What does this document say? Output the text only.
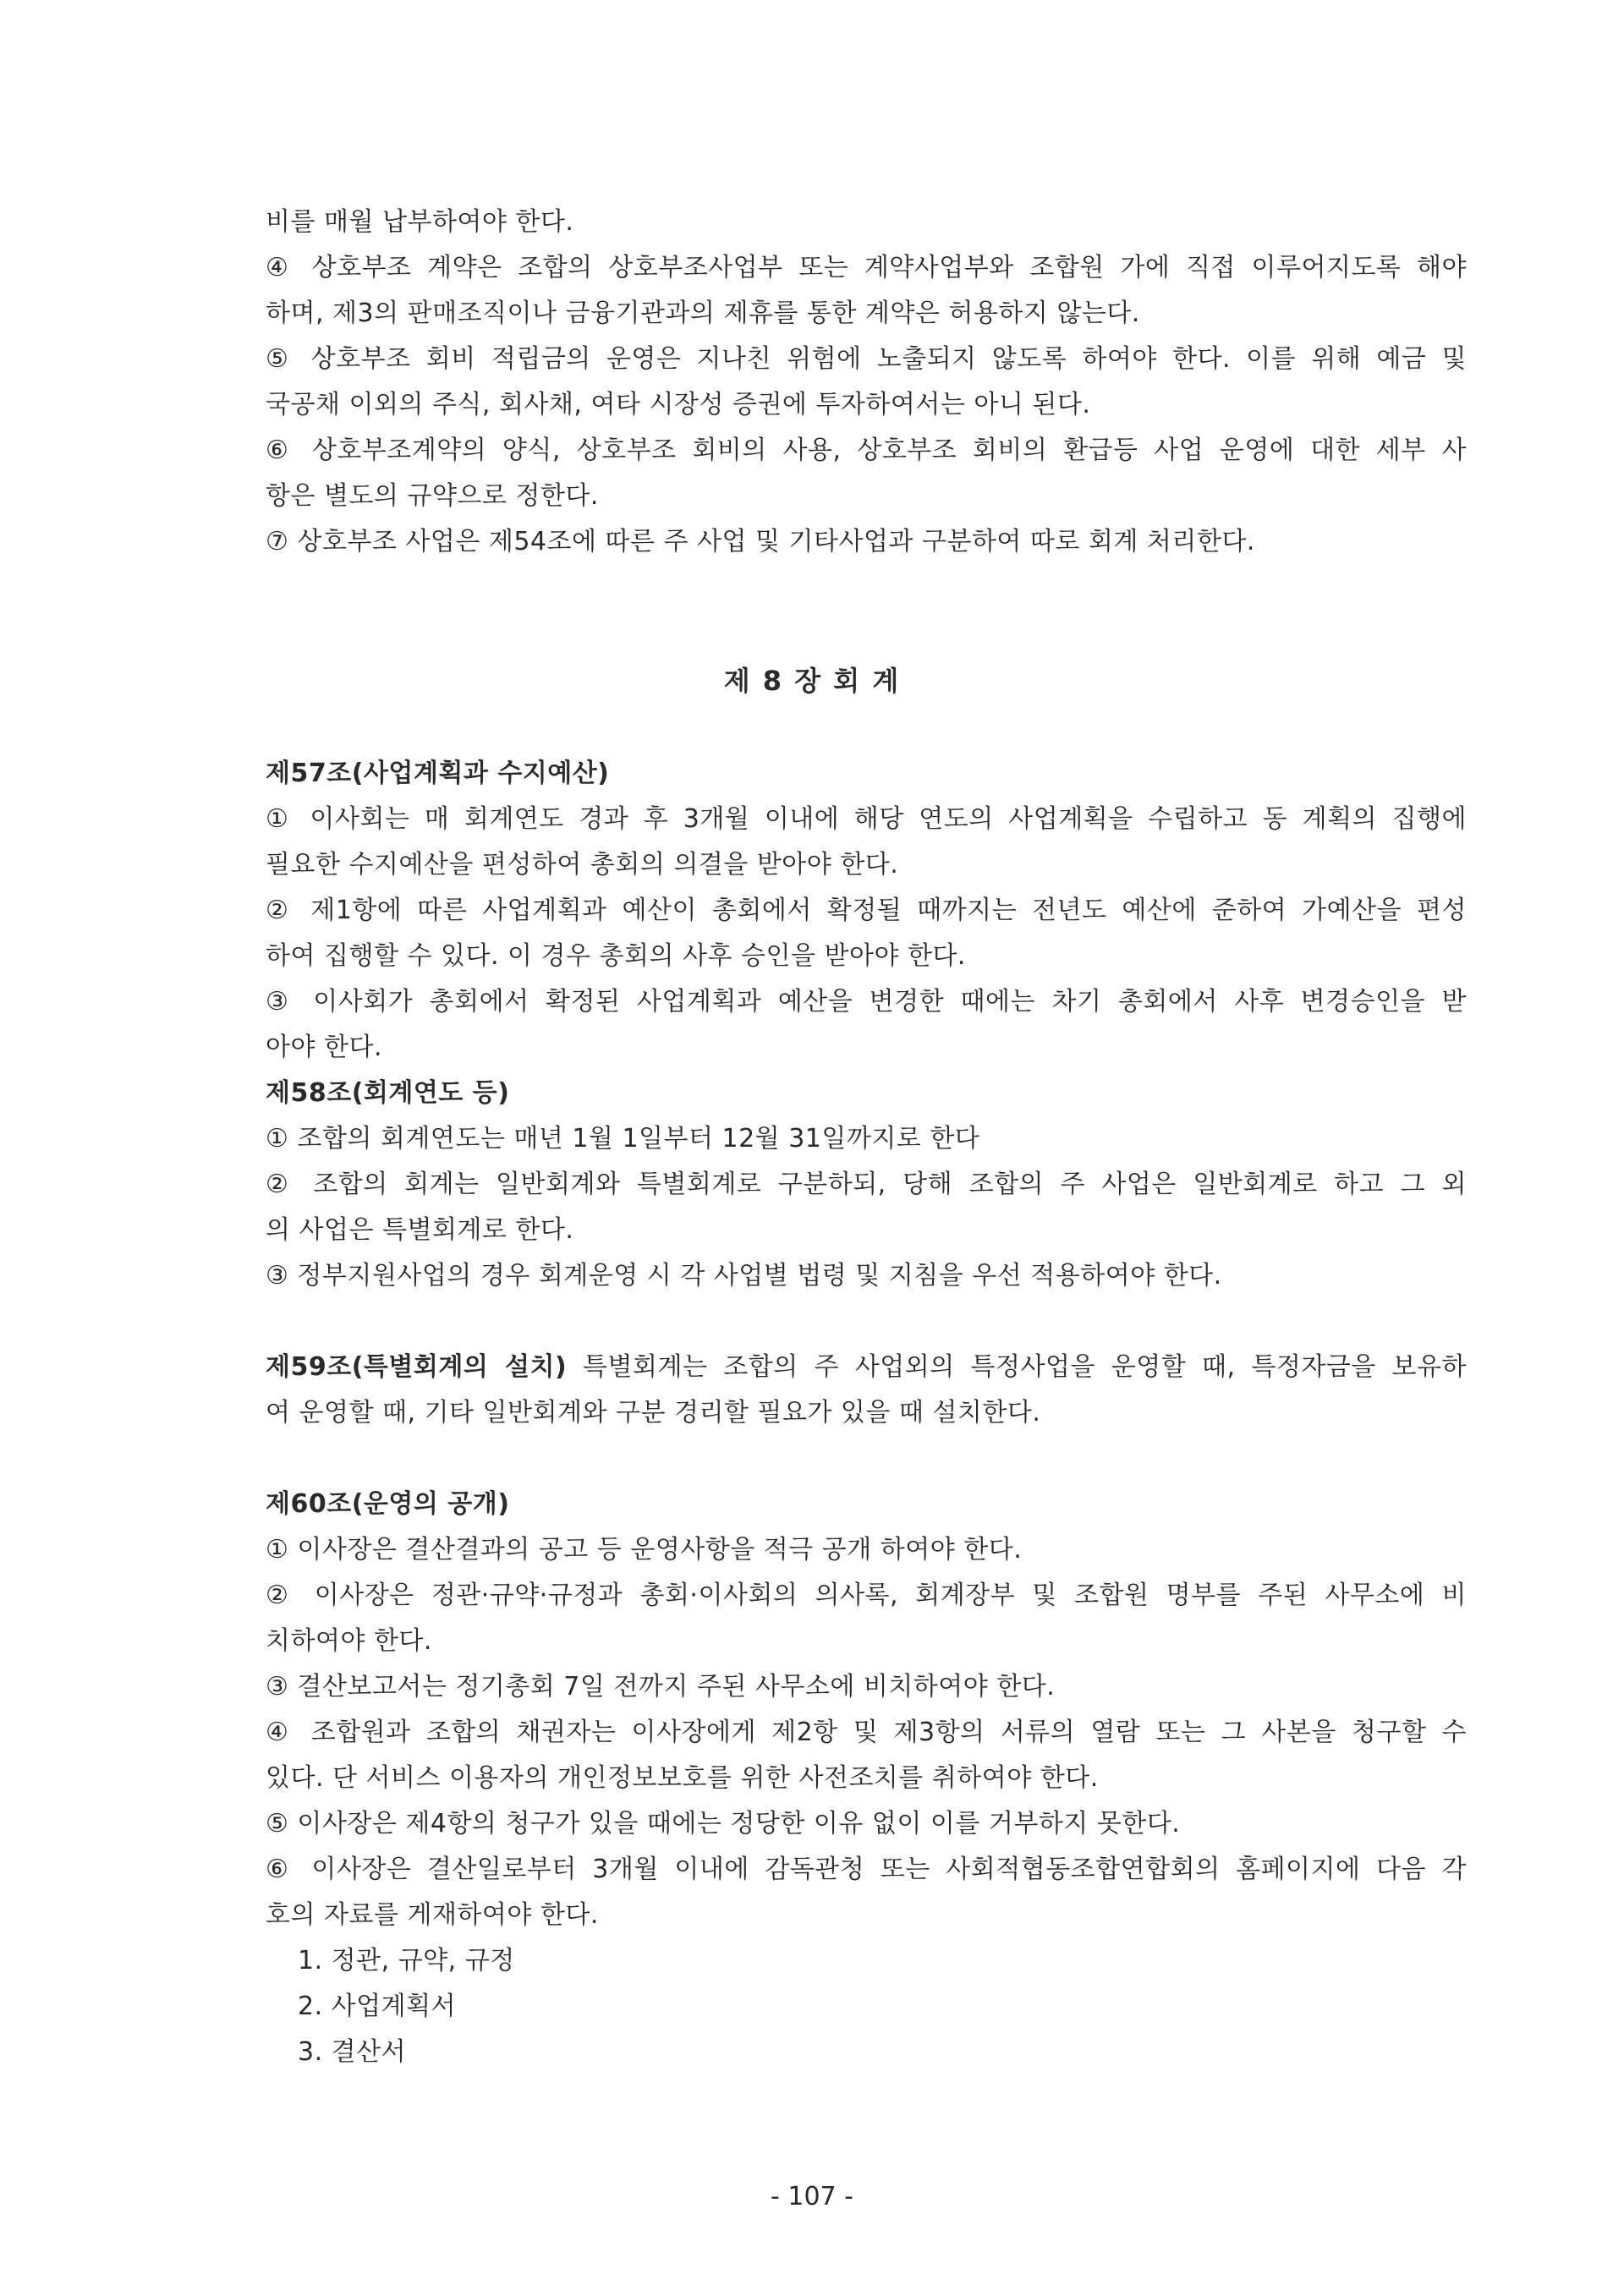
비를 매월 납부하여야 한다.
④ 상호부조 계약은 조합의 상호부조사업부 또는 계약사업부와 조합원 가에 직접 이루어지도록 해야
하며, 제3의 판매조직이나 금융기관과의 제휴를 통한 계약은 허용하지 않는다.
⑤ 상호부조 회비 적립금의 운영은 지나친 위험에 노출되지 않도록 하여야 한다. 이를 위해 예금 및
국공채 이외의 주식, 회사채, 여타 시장성 증권에 투자하여서는 아니 된다.
⑥ 상호부조계약의 양식, 상호부조 회비의 사용, 상호부조 회비의 환급등 사업 운영에 대한 세부 사
항은 별도의 규약으로 정한다.
⑦ 상호부조 사업은 제54조에 따른 주 사업 및 기타사업과 구분하여 따로 회계 처리한다.
제 8 장 회 계
제57조(사업계획과 수지예산)
① 이사회는 매 회계연도 경과 후 3개월 이내에 해당 연도의 사업계획을 수립하고 동 계획의 집행에
필요한 수지예산을 편성하여 총회의 의결을 받아야 한다.
② 제1항에 따른 사업계획과 예산이 총회에서 확정될 때까지는 전년도 예산에 준하여 가예산을 편성
하여 집행할 수 있다. 이 경우 총회의 사후 승인을 받아야 한다.
③ 이사회가 총회에서 확정된 사업계획과 예산을 변경한 때에는 차기 총회에서 사후 변경승인을 받
아야 한다.
제58조(회계연도 등)
① 조합의 회계연도는 매년 1월 1일부터 12월 31일까지로 한다
② 조합의 회계는 일반회계와 특별회계로 구분하되, 당해 조합의 주 사업은 일반회계로 하고 그 외
의 사업은 특별회계로 한다.
③ 정부지원사업의 경우 회계운영 시 각 사업별 법령 및 지침을 우선 적용하여야 한다.
제59조(특별회계의 설치) 특별회계는 조합의 주 사업외의 특정사업을 운영할 때, 특정자금을 보유하
여 운영할 때, 기타 일반회계와 구분 경리할 필요가 있을 때 설치한다.
제60조(운영의 공개)
① 이사장은 결산결과의 공고 등 운영사항을 적극 공개 하여야 한다.
② 이사장은 정관·규약·규정과 총회·이사회의 의사록, 회계장부 및 조합원 명부를 주된 사무소에 비
치하여야 한다.
③ 결산보고서는 정기총회 7일 전까지 주된 사무소에 비치하여야 한다.
④ 조합원과 조합의 채권자는 이사장에게 제2항 및 제3항의 서류의 열람 또는 그 사본을 청구할 수
있다. 단 서비스 이용자의 개인정보보호를 위한 사전조치를 취하여야 한다.
⑤ 이사장은 제4항의 청구가 있을 때에는 정당한 이유 없이 이를 거부하지 못한다.
⑥ 이사장은 결산일로부터 3개월 이내에 감독관청 또는 사회적협동조합연합회의 홈페이지에 다음 각
호의 자료를 게재하여야 한다.
1. 정관, 규약, 규정
2. 사업계획서
3. 결산서
- 107 -
